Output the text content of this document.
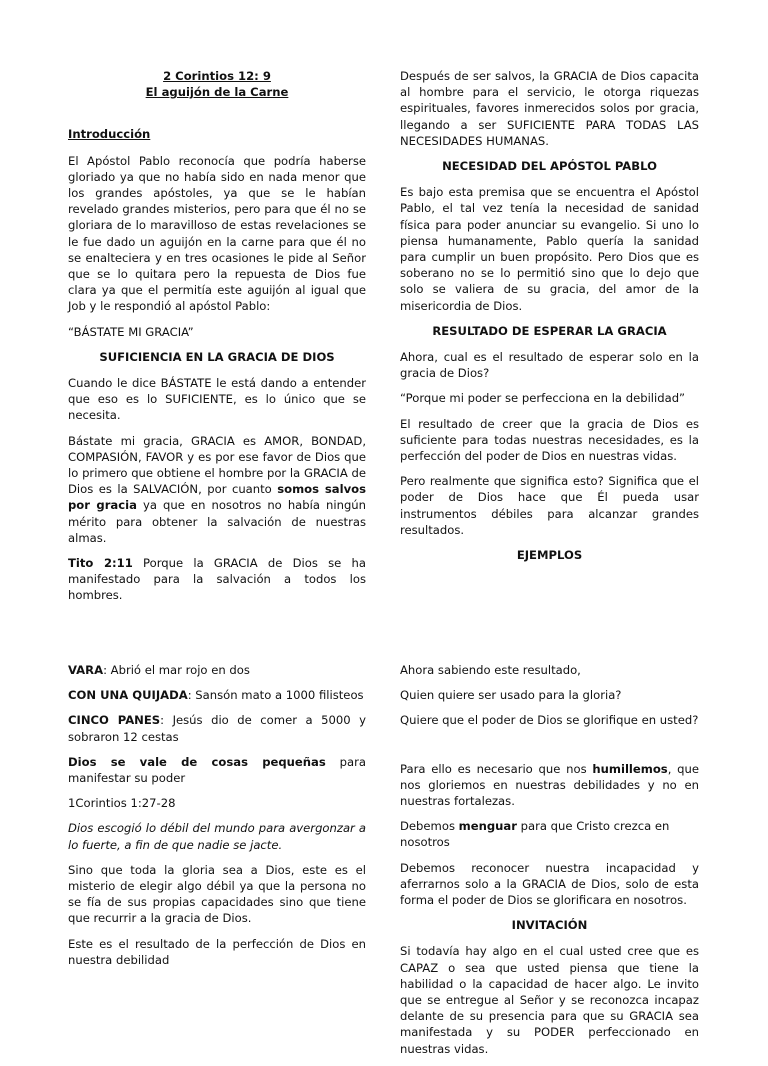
2 Corintios 12: 9

El aguijón de la Carne

Introducción

El Apóstol Pablo reconocía que podría haberse gloriado ya que no había sido en nada menor que los grandes apóstoles, ya que se le habían revelado grandes misterios, pero para que él no se gloriara de lo maravilloso de estas revelaciones se le fue dado un aguijón en la carne para que él no se enalteciera y en tres ocasiones le pide al Señor que se lo quitara pero la repuesta de Dios fue clara ya que el permitía este aguijón al igual que Job y le respondió al apóstol Pablo:

“BÁSTATE MI GRACIA”

SUFICIENCIA EN LA GRACIA DE DIOS

Cuando le dice BÁSTATE le está dando a entender que eso es lo SUFICIENTE, es lo único que se necesita.

Bástate mi gracia, GRACIA es AMOR, BONDAD, COMPASIÓN, FAVOR y es por ese favor de Dios que lo primero que obtiene el hombre por la GRACIA de Dios es la SALVACIÓN, por cuanto somos salvos por gracia ya que en nosotros no había ningún mérito para obtener la salvación de nuestras almas.

Tito 2:11 Porque la GRACIA de Dios se ha manifestado para la salvación a todos los hombres.

Después de ser salvos, la GRACIA de Dios capacita al hombre para el servicio, le otorga riquezas espirituales, favores inmerecidos solos por gracia, llegando a ser SUFICIENTE PARA TODAS LAS NECESIDADES HUMANAS.

NECESIDAD DEL APÓSTOL PABLO

Es bajo esta premisa que se encuentra el Apóstol Pablo, el tal vez tenía la necesidad de sanidad física para poder anunciar su evangelio. Si uno lo piensa humanamente, Pablo quería la sanidad para cumplir un buen propósito. Pero Dios que es soberano no se lo permitió sino que lo dejo que solo se valiera de su gracia, del amor de la misericordia de Dios.

RESULTADO DE ESPERAR LA GRACIA

Ahora, cual es el resultado de esperar solo en la gracia de Dios?

“Porque mi poder se perfecciona en la debilidad”

El resultado de creer que la gracia de Dios es suficiente para todas nuestras necesidades, es la perfección del poder de Dios en nuestras vidas.

Pero realmente que significa esto? Significa que el poder de Dios hace que Él pueda usar instrumentos débiles para alcanzar grandes resultados.

EJEMPLOS

VARA: Abrió el mar rojo en dos

CON UNA QUIJADA: Sansón mato a 1000 filisteos

CINCO PANES: Jesús dio de comer a 5000 y sobraron 12 cestas

Dios se vale de cosas pequeñas para manifestar su poder

1Corintios 1:27-28

Dios escogió lo débil del mundo para avergonzar a lo fuerte, a fin de que nadie se jacte.

Sino que toda la gloria sea a Dios, este es el misterio de elegir algo débil ya que la persona no se fía de sus propias capacidades sino que tiene que recurrir a la gracia de Dios.

Este es el resultado de la perfección de Dios en nuestra debilidad

Ahora sabiendo este resultado,

Quien quiere ser usado para la gloria?

Quiere que el poder de Dios se glorifique en usted?

Para ello es necesario que nos humillemos, que nos gloriemos en nuestras debilidades y no en nuestras fortalezas.

Debemos menguar para que Cristo crezca en nosotros

Debemos reconocer nuestra incapacidad y aferrarnos solo a la GRACIA de Dios, solo de esta forma el poder de Dios se glorificara en nosotros.

INVITACIÓN

Si todavía hay algo en el cual usted cree que es CAPAZ o sea que usted piensa que tiene la habilidad o la capacidad de hacer algo. Le invito que se entregue al Señor y se reconozca incapaz delante de su presencia para que su GRACIA sea manifestada y su PODER perfeccionado en nuestras vidas.
